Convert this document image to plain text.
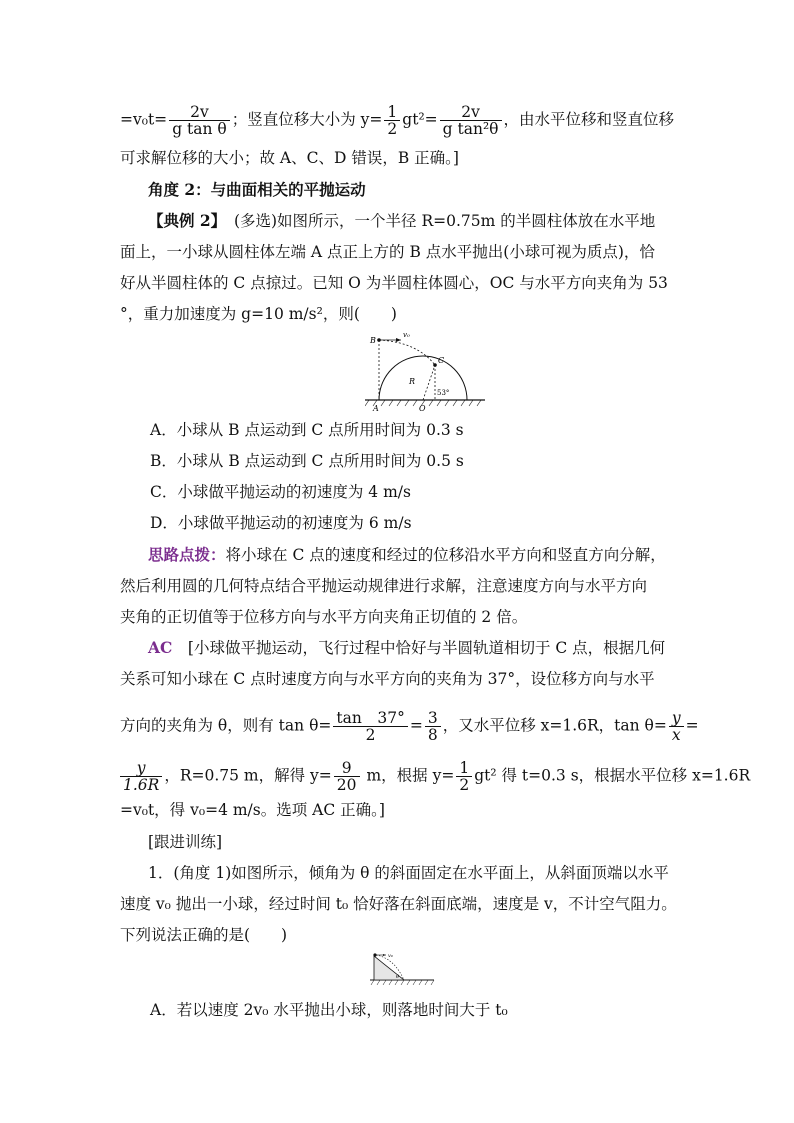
$=v_0t= \frac{2v}{\text{g tan θ}}$ ；竖直位移大小为 $y= \frac{1}{2} gt^2= \frac{2v}{\text{g tan²θ}}$ ，由水平位移和竖直位移
可求解位移的大小；故 A、C、D 错误，B 正确。]
角度 2：与曲面相关的平抛运动
【典例 2】　 (多选)如图所示，一个半径 R=0.75m 的半圆柱体放在水平地
面上，一小球从圆柱体左端 A 点正上方的 B 点水平抛出(小球可视为质点)，恰
好从半圆柱体的 C 点掠过。已知 O 为半圆柱体圆心，OC 与水平方向夹角为 53
°，重力加速度为 g=10 m/s²，则(　　)
B
v₀
C
R
53°
A	O
A．小球从 B 点运动到 C 点所用时间为 0.3 s
B．小球从 B 点运动到 C 点所用时间为 0.5 s
C．小球做平抛运动的初速度为 4 m/s
D．小球做平抛运动的初速度为 6 m/s
思路点拨：将小球在 C 点的速度和经过的位移沿水平方向和竖直方向分解，
然后利用圆的几何特点结合平抛运动规律进行求解，注意速度方向与水平方向
夹角的正切值等于位移方向与水平方向夹角正切值的 2 倍。
AC　 [小球做平抛运动，飞行过程中恰好与半圆轨道相切于 C 点，根据几何
关系可知小球在 C 点时速度方向与水平方向的夹角为 37°，设位移方向与水平
方向的夹角为 θ，则有 $\tan \theta= \frac{\tan 37^\circ}{2} = \frac{3}{8}$ ，又水平位移 x=1.6R，$\tan \theta= \frac{y}{x}$ =
$\frac{y}{1.6R}$ ，R=0.75 m，解得 $y= \frac{9}{20}$ m，根据 $y= \frac{1}{2} gt^2$ 得 t=0.3 s，根据水平位移 x=1.6R
=v₀t，得 v₀=4 m/s。选项 AC 正确。]
[跟进训练]
1．(角度 1)如图所示，倾角为 θ 的斜面固定在水平面上，从斜面顶端以水平
速度 v₀ 抛出一小球，经过时间 t₀ 恰好落在斜面底端，速度是 v，不计空气阻力。
下列说法正确的是(　　)
v₀
θ
A．若以速度 2v₀ 水平抛出小球，则落地时间大于 t₀
